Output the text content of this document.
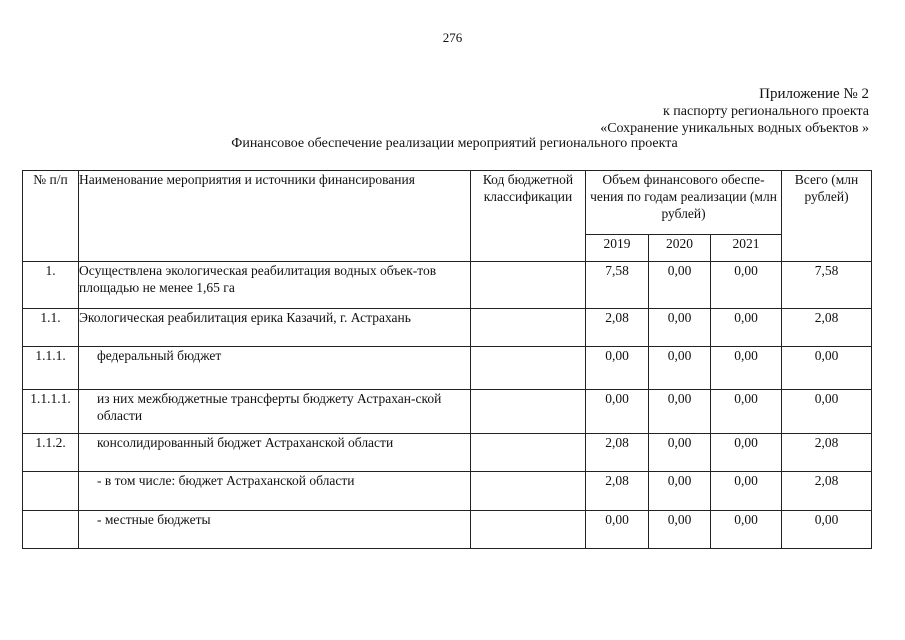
276
Приложение № 2
к паспорту регионального проекта
«Сохранение уникальных водных объектов »
Финансовое обеспечение реализации мероприятий регионального проекта
№ п/п	Наименование мероприятия и источники финансирования	Код бюджетной классификации	Объем финансового обеспе-чения по годам реализации (млн рублей)			Всего (млн рублей)
			2019	2020	2021	
1.	Осуществлена экологическая реабилитация водных объек-тов площадью не менее 1,65 га		7,58	0,00	0,00	7,58
1.1.	Экологическая реабилитация ерика Казачий, г. Астрахань		2,08	0,00	0,00	2,08
1.1.1.	федеральный бюджет		0,00	0,00	0,00	0,00
1.1.1.1.	из них межбюджетные трансферты бюджету Астрахан-ской области		0,00	0,00	0,00	0,00
1.1.2.	консолидированный бюджет Астраханской области		2,08	0,00	0,00	2,08
	- в том числе: бюджет Астраханской области		2,08	0,00	0,00	2,08
	- местные бюджеты		0,00	0,00	0,00	0,00
